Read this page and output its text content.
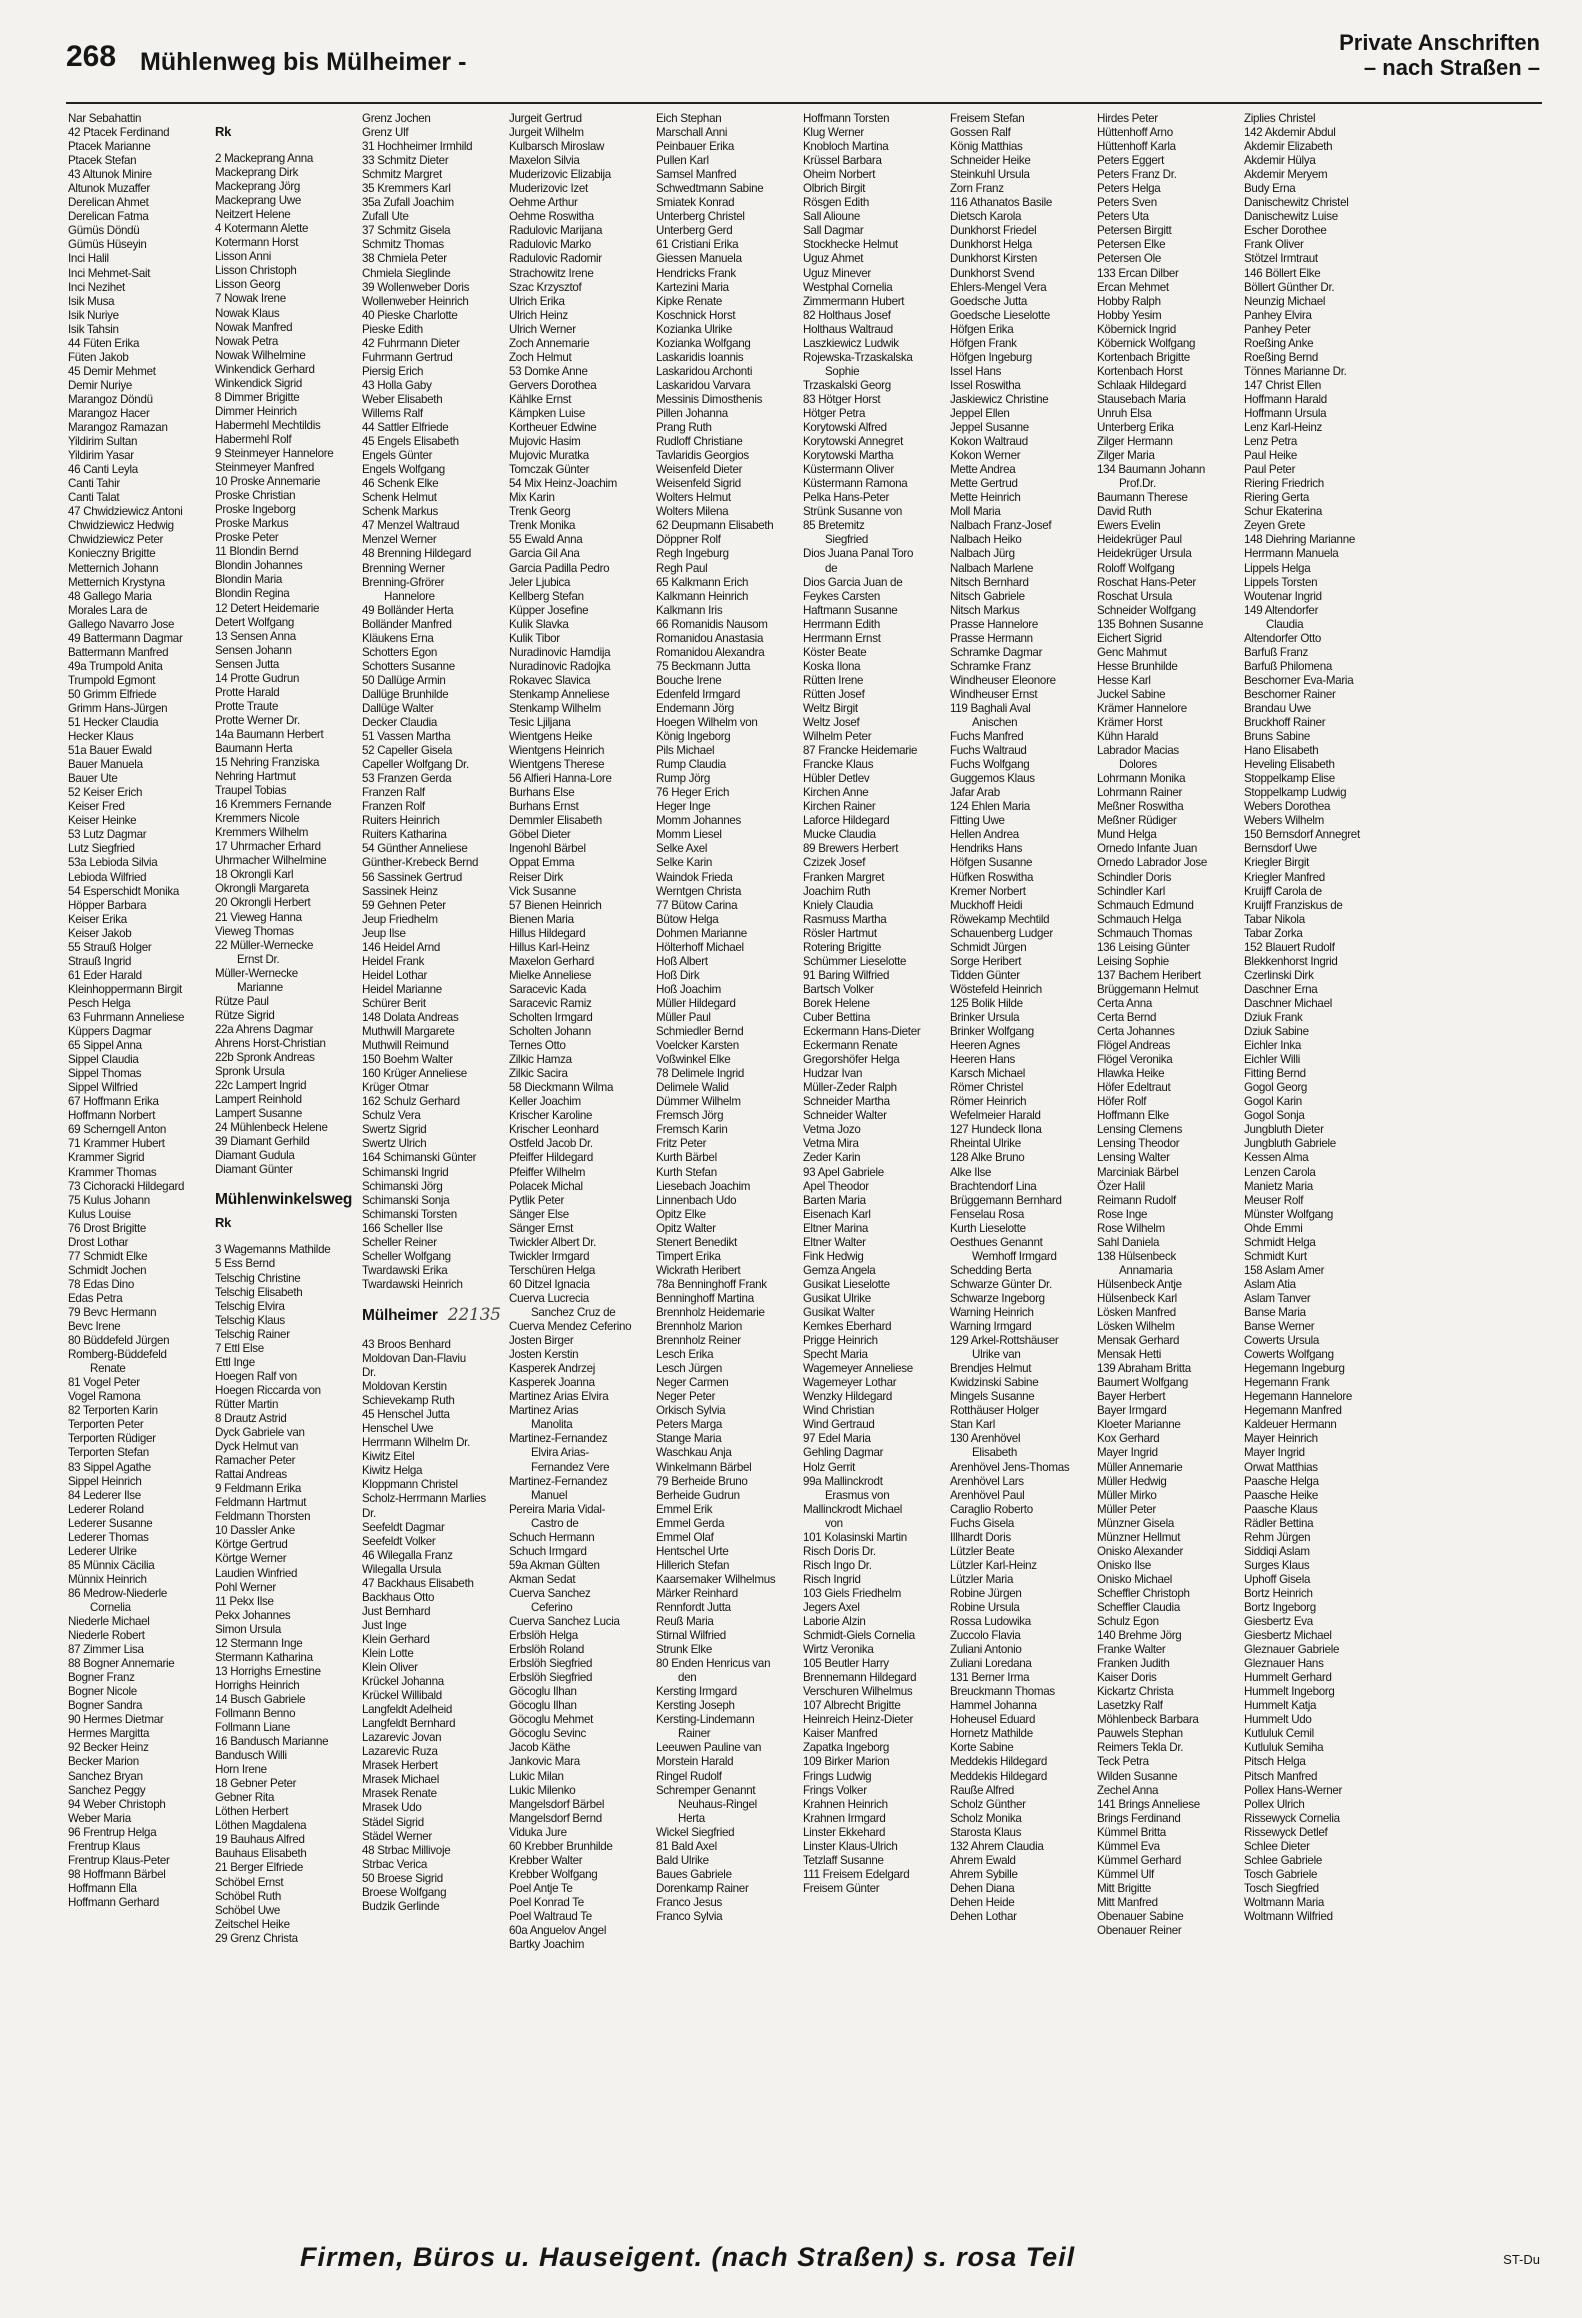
268 Mühlenweg bis Mülheimer -
Private Anschriften
– nach Straßen –
Nar Sebahattin
42 Ptacek Ferdinand
Ptacek Marianne
Ptacek Stefan
43 Altunok Minire
Altunok Muzaffer
Derelican Ahmet
Derelican Fatma
Gümüs Döndü
Gümüs Hüseyin
Inci Halil
Inci Mehmet-Sait
Inci Nezihet
Isik Musa
Isik Nuriye
Isik Tahsin
44 Füten Erika
Füten Jakob
45 Demir Mehmet
Demir Nuriye
Marangoz Döndü
Marangoz Hacer
Marangoz Ramazan
Yildirim Sultan
Yildirim Yasar
46 Canti Leyla
Canti Tahir
Canti Talat
47 Chwidziewicz Antoni
Chwidziewicz Hedwig
Chwidziewicz Peter
Konieczny Brigitte
Metternich Johann
Metternich Krystyna
48 Gallego Maria
Morales Lara de
Gallego Navarro Jose
49 Battermann Dagmar
Battermann Manfred
49a Trumpold Anita
Trumpold Egmont
50 Grimm Elfriede
Grimm Hans-Jürgen
51 Hecker Claudia
Hecker Klaus
51a Bauer Ewald
Bauer Manuela
Bauer Ute
52 Keiser Erich
Keiser Fred
Keiser Heinke
53 Lutz Dagmar
Lutz Siegfried
53a Lebioda Silvia
Lebioda Wilfried
54 Esperschidt Monika
Höpper Barbara
Keiser Erika
Keiser Jakob
55 Strauß Holger
Strauß Ingrid
61 Eder Harald
Kleinhoppermann Birgit
Pesch Helga
63 Fuhrmann Anneliese
Küppers Dagmar
65 Sippel Anna
Sippel Claudia
Sippel Thomas
Sippel Wilfried
67 Hoffmann Erika
Hoffmann Norbert
69 Scherngell Anton
71 Krammer Hubert
Krammer Sigrid
Krammer Thomas
73 Cichoracki Hildegard
75 Kulus Johann
Kulus Louise
76 Drost Brigitte
Drost Lothar
77 Schmidt Elke
Schmidt Jochen
78 Edas Dino
Edas Petra
79 Bevc Hermann
Bevc Irene
80 Büddefeld Jürgen
Romberg-Büddefeld
Renate
81 Vogel Peter
Vogel Ramona
82 Terporten Karin
Terporten Peter
Terporten Rüdiger
Terporten Stefan
83 Sippel Agathe
Sippel Heinrich
84 Lederer Ilse
Lederer Roland
Lederer Susanne
Lederer Thomas
Lederer Ulrike
85 Münnix Cäcilia
Münnix Heinrich
86 Medrow-Niederle
Cornelia
Niederle Michael
Niederle Robert
87 Zimmer Lisa
88 Bogner Annemarie
Bogner Franz
Bogner Nicole
Bogner Sandra
90 Hermes Dietmar
Hermes Margitta
92 Becker Heinz
Becker Marion
Sanchez Bryan
Sanchez Peggy
94 Weber Christoph
Weber Maria
96 Frentrup Helga
Frentrup Klaus
Frentrup Klaus-Peter
98 Hoffmann Bärbel
Hoffmann Ella
Hoffmann Gerhard
Rk
2 Mackeprang Anna
Mackeprang Dirk
Mackeprang Jörg
Mackeprang Uwe
Neitzert Helene
4 Kotermann Alette
Kotermann Horst
Lisson Anni
Lisson Christoph
Lisson Georg
7 Nowak Irene
Nowak Klaus
Nowak Manfred
Nowak Petra
Nowak Wilhelmine
Winkendick Gerhard
Winkendick Sigrid
8 Dimmer Brigitte
Dimmer Heinrich
Habermehl Mechtildis
Habermehl Rolf
9 Steinmeyer Hannelore
Steinmeyer Manfred
10 Proske Annemarie
Proske Christian
Proske Ingeborg
Proske Markus
Proske Peter
11 Blondin Bernd
Blondin Johannes
Blondin Maria
Blondin Regina
12 Detert Heidemarie
Detert Wolfgang
13 Sensen Anna
Sensen Johann
Sensen Jutta
14 Protte Gudrun
Protte Harald
Protte Traute
Protte Werner Dr.
14a Baumann Herbert
Baumann Herta
15 Nehring Franziska
Nehring Hartmut
Traupel Tobias
16 Kremmers Fernande
Kremmers Nicole
Kremmers Wilhelm
17 Uhrmacher Erhard
Uhrmacher Wilhelmine
18 Okrongli Karl
Okrongli Margareta
20 Okrongli Herbert
21 Vieweg Hanna
Vieweg Thomas
22 Müller-Wernecke
Ernst Dr.
Müller-Wernecke
Marianne
Rütze Paul
Rütze Sigrid
22a Ahrens Dagmar
Ahrens Horst-Christian
22b Spronk Andreas
Spronk Ursula
22c Lampert Ingrid
Lampert Reinhold
Lampert Susanne
24 Mühlenbeck Helene
39 Diamant Gerhild
Diamant Gudula
Diamant Günter
Mühlenwinkelsweg
Rk
3 Wagemanns Mathilde
5 Ess Bernd
Telschig Christine
Telschig Elisabeth
Telschig Elvira
Telschig Klaus
Telschig Rainer
7 Ettl Else
Ettl Inge
Hoegen Ralf von
Hoegen Riccarda von
Rütter Martin
8 Drautz Astrid
Dyck Gabriele van
Dyck Helmut van
Ramacher Peter
Rattai Andreas
9 Feldmann Erika
Feldmann Hartmut
Feldmann Thorsten
10 Dassler Anke
Körtge Gertrud
Körtge Werner
Laudien Winfried
Pohl Werner
11 Pekx Ilse
Pekx Johannes
Simon Ursula
12 Stermann Inge
Stermann Katharina
13 Horrighs Ernestine
Horrighs Heinrich
14 Busch Gabriele
Follmann Benno
Follmann Liane
16 Bandusch Marianne
Bandusch Willi
Horn Irene
18 Gebner Peter
Gebner Rita
Löthen Herbert
Löthen Magdalena
19 Bauhaus Alfred
Bauhaus Elisabeth
21 Berger Elfriede
Schöbel Ernst
Schöbel Ruth
Schöbel Uwe
Zeitschel Heike
29 Grenz Christa
Grenz Jochen
Grenz Ulf
31 Hochheimer Irmhild
33 Schmitz Dieter
Schmitz Margret
35 Kremmers Karl
35a Zufall Joachim
Zufall Ute
37 Schmitz Gisela
Schmitz Thomas
38 Chmiela Peter
Chmiela Sieglinde
39 Wollenweber Doris
Wollenweber Heinrich
40 Pieske Charlotte
Pieske Edith
42 Fuhrmann Dieter
Fuhrmann Gertrud
Piersig Erich
43 Holla Gaby
Weber Elisabeth
Willems Ralf
44 Sattler Elfriede
45 Engels Elisabeth
Engels Günter
Engels Wolfgang
46 Schenk Elke
Schenk Helmut
Schenk Markus
47 Menzel Waltraud
Menzel Werner
48 Brenning Hildegard
Brenning Werner
Brenning-Gfrörer
Hannelore
49 Bolländer Herta
Bolländer Manfred
Kläukens Erna
Schotters Egon
Schotters Susanne
50 Dallüge Armin
Dallüge Brunhilde
Dallüge Walter
Decker Claudia
51 Vassen Martha
52 Capeller Gisela
Capeller Wolfgang Dr.
53 Franzen Gerda
Franzen Ralf
Franzen Rolf
Ruiters Heinrich
Ruiters Katharina
54 Günther Anneliese
Günther-Krebeck Bernd
56 Sassinek Gertrud
Sassinek Heinz
59 Gehnen Peter
Jeup Friedhelm
Jeup Ilse
146 Heidel Arnd
Heidel Frank
Heidel Lothar
Heidel Marianne
Schürer Berit
148 Dolata Andreas
Muthwill Margarete
Muthwill Reimund
150 Boehm Walter
160 Krüger Anneliese
Krüger Otmar
162 Schulz Gerhard
Schulz Vera
Swertz Sigrid
Swertz Ulrich
164 Schimanski Günter
Schimanski Ingrid
Schimanski Jörg
Schimanski Sonja
Schimanski Torsten
166 Scheller Ilse
Scheller Reiner
Scheller Wolfgang
Twardawski Erika
Twardawski Heinrich
Mülheimer 22135
43 Broos Benhard
Moldovan Dan-Flaviu
Dr.
Moldovan Kerstin
Schievekamp Ruth
45 Henschel Jutta
Henschel Uwe
Herrmann Wilhelm Dr.
Kiwitz Eitel
Kiwitz Helga
Kloppmann Christel
Scholz-Herrmann Marlies
Dr.
Seefeldt Dagmar
Seefeldt Volker
46 Wilegalla Franz
Wilegalla Ursula
47 Backhaus Elisabeth
Backhaus Otto
Just Bernhard
Just Inge
Klein Gerhard
Klein Lotte
Klein Oliver
Krückel Johanna
Krückel Willibald
Langfeldt Adelheid
Langfeldt Bernhard
Lazarevic Jovan
Lazarevic Ruza
Mrasek Herbert
Mrasek Michael
Mrasek Renate
Mrasek Udo
Städel Sigrid
Städel Werner
48 Strbac Millivoje
Strbac Verica
50 Broese Sigrid
Broese Wolfgang
Budzik Gerlinde
Jurgeit Gertrud
Jurgeit Wilhelm
Kulbarsch Miroslaw
Maxelon Silvia
Muderizovic Elizabija
Muderizovic Izet
Oehme Arthur
Oehme Roswitha
Radulovic Marijana
Radulovic Marko
Radulovic Radomir
Strachowitz Irene
Szac Krzysztof
Ulrich Erika
Ulrich Heinz
Ulrich Werner
Zoch Annemarie
Zoch Helmut
53 Domke Anne
Gervers Dorothea
Kählke Ernst
Kämpken Luise
Kortheuer Edwine
Mujovic Hasim
Mujovic Muratka
Tomczak Günter
54 Mix Heinz-Joachim
Mix Karin
Trenk Georg
Trenk Monika
55 Ewald Anna
Garcia Gil Ana
Garcia Padilla Pedro
Jeler Ljubica
Kellberg Stefan
Küpper Josefine
Kulik Slavka
Kulik Tibor
Nuradinovic Hamdija
Nuradinovic Radojka
Rokavec Slavica
Stenkamp Anneliese
Stenkamp Wilhelm
Tesic Ljiljana
Wientgens Heike
Wientgens Heinrich
Wientgens Therese
56 Alfieri Hanna-Lore
Burhans Else
Burhans Ernst
Demmler Elisabeth
Göbel Dieter
Ingenohl Bärbel
Oppat Emma
Reiser Dirk
Vick Susanne
57 Bienen Heinrich
Bienen Maria
Hillus Hildegard
Hillus Karl-Heinz
Maxelon Gerhard
Mielke Anneliese
Saracevic Kada
Saracevic Ramiz
Scholten Irmgard
Scholten Johann
Ternes Otto
Zilkic Hamza
Zilkic Sacira
58 Dieckmann Wilma
Keller Joachim
Krischer Karoline
Krischer Leonhard
Ostfeld Jacob Dr.
Pfeiffer Hildegard
Pfeiffer Wilhelm
Polacek Michal
Pytlik Peter
Sänger Else
Sänger Ernst
Twickler Albert Dr.
Twickler Irmgard
Terschüren Helga
60 Ditzel Ignacia
Cuerva Lucrecia
Sanchez Cruz de
Cuerva Mendez Ceferino
Josten Birger
Josten Kerstin
Kasperek Andrzej
Kasperek Joanna
Martinez Arias Elvira
Martinez Arias
Manolita
Martinez-Fernandez
Elvira Arias-
Fernandez Vere
Martinez-Fernandez
Manuel
Pereira Maria Vidal-
Castro de
Schuch Hermann
Schuch Irmgard
59a Akman Gülten
Akman Sedat
Cuerva Sanchez
Ceferino
Cuerva Sanchez Lucia
Erbslöh Helga
Erbslöh Roland
Erbslöh Siegfried
Erbslöh Siegfried
Göcoglu Ilhan
Göcoglu Ilhan
Göcoglu Mehmet
Göcoglu Sevinc
Jacob Käthe
Jankovic Mara
Lukic Milan
Lukic Milenko
Mangelsdorf Bärbel
Mangelsdorf Bernd
Viduka Jure
60 Krebber Brunhilde
Krebber Walter
Krebber Wolfgang
Poel Antje Te
Poel Konrad Te
Poel Waltraud Te
60a Anguelov Angel
Bartky Joachim
Eich Stephan
Marschall Anni
Peinbauer Erika
Pullen Karl
Samsel Manfred
Schwedtmann Sabine
Smiatek Konrad
Unterberg Christel
Unterberg Gerd
61 Cristiani Erika
Giessen Manuela
Hendricks Frank
Kartezini Maria
Kipke Renate
Koschnick Horst
Kozianka Ulrike
Kozianka Wolfgang
Laskaridis Ioannis
Laskaridou Archonti
Laskaridou Varvara
Messinis Dimosthenis
Pillen Johanna
Prang Ruth
Rudloff Christiane
Tavlaridis Georgios
Weisenfeld Dieter
Weisenfeld Sigrid
Wolters Helmut
Wolters Milena
62 Deupmann Elisabeth
Döppner Rolf
Regh Ingeburg
Regh Paul
65 Kalkmann Erich
Kalkmann Heinrich
Kalkmann Iris
66 Romanidis Nausom
Romanidou Anastasia
Romanidou Alexandra
75 Beckmann Jutta
Bouche Irene
Edenfeld Irmgard
Endemann Jörg
Hoegen Wilhelm von
König Ingeborg
Pils Michael
Rump Claudia
Rump Jörg
76 Heger Erich
Heger Inge
Momm Johannes
Momm Liesel
Selke Axel
Selke Karin
Waindok Frieda
Werntgen Christa
77 Bütow Carina
Bütow Helga
Dohmen Marianne
Hölterhoff Michael
Hoß Albert
Hoß Dirk
Hoß Joachim
Müller Hildegard
Müller Paul
Schmiedler Bernd
Voelcker Karsten
Voßwinkel Elke
78 Delimele Ingrid
Delimele Walid
Dümmer Wilhelm
Fremsch Jörg
Fremsch Karin
Fritz Peter
Kurth Bärbel
Kurth Stefan
Liesebach Joachim
Linnenbach Udo
Opitz Elke
Opitz Walter
Stenert Benedikt
Timpert Erika
Wickrath Heribert
78a Benninghoff Frank
Benninghoff Martina
Brennholz Heidemarie
Brennholz Marion
Brennholz Reiner
Lesch Erika
Lesch Jürgen
Neger Carmen
Neger Peter
Orkisch Sylvia
Peters Marga
Stange Maria
Waschkau Anja
Winkelmann Bärbel
79 Berheide Bruno
Berheide Gudrun
Emmel Erik
Emmel Gerda
Emmel Olaf
Hentschel Urte
Hillerich Stefan
Kaarsemaker Wilhelmus
Märker Reinhard
Rennfordt Jutta
Reuß Maria
Stirnal Wilfried
Strunk Elke
80 Enden Henricus van
den
Kersting Irmgard
Kersting Joseph
Kersting-Lindemann
Rainer
Leeuwen Pauline van
Morstein Harald
Ringel Rudolf
Schremper Genannt
Neuhaus-Ringel
Herta
Wickel Siegfried
81 Bald Axel
Bald Ulrike
Baues Gabriele
Dorenkamp Rainer
Franco Jesus
Franco Sylvia
Hoffmann Torsten
Klug Werner
Knobloch Martina
Krüssel Barbara
Oheim Norbert
Olbrich Birgit
Rösgen Edith
Sall Alioune
Sall Dagmar
Stockhecke Helmut
Uguz Ahmet
Uguz Minever
Westphal Cornelia
Zimmermann Hubert
82 Holthaus Josef
Holthaus Waltraud
Laszkiewicz Ludwik
Rojewska-Trzaskalska
Sophie
Trzaskalski Georg
83 Hötger Horst
Hötger Petra
Korytowski Alfred
Korytowski Annegret
Korytowski Martha
Küstermann Oliver
Küstermann Ramona
Pelka Hans-Peter
Strünk Susanne von
85 Bretemitz
Siegfried
Dios Juana Panal Toro
de
Dios Garcia Juan de
Feykes Carsten
Haftmann Susanne
Herrmann Edith
Herrmann Ernst
Köster Beate
Koska Ilona
Rütten Irene
Rütten Josef
Weltz Birgit
Weltz Josef
Wilhelm Peter
87 Francke Heidemarie
Francke Klaus
Hübler Detlev
Kirchen Anne
Kirchen Rainer
Laforce Hildegard
Mucke Claudia
89 Brewers Herbert
Czizek Josef
Franken Margret
Joachim Ruth
Kniely Claudia
Rasmuss Martha
Rösler Hartmut
Rotering Brigitte
Schümmer Lieselotte
91 Baring Wilfried
Bartsch Volker
Borek Helene
Cuber Bettina
Eckermann Hans-Dieter
Eckermann Renate
Gregorshöfer Helga
Hudzar Ivan
Müller-Zeder Ralph
Schneider Martha
Schneider Walter
Vetma Jozo
Vetma Mira
Zeder Karin
93 Apel Gabriele
Apel Theodor
Barten Maria
Eisenach Karl
Eltner Marina
Eltner Walter
Fink Hedwig
Gemza Angela
Gusikat Lieselotte
Gusikat Ulrike
Gusikat Walter
Kemkes Eberhard
Prigge Heinrich
Specht Maria
Wagemeyer Anneliese
Wagemeyer Lothar
Wenzky Hildegard
Wind Christian
Wind Gertraud
97 Edel Maria
Gehling Dagmar
Holz Gerrit
99a Mallinckrodt
Erasmus von
Mallinckrodt Michael
von
101 Kolasinski Martin
Risch Doris Dr.
Risch Ingo Dr.
Risch Ingrid
103 Giels Friedhelm
Jegers Axel
Laborie Alzin
Schmidt-Giels Cornelia
Wirtz Veronika
105 Beutler Harry
Brennemann Hildegard
Verschuren Wilhelmus
107 Albrecht Brigitte
Heinreich Heinz-Dieter
Kaiser Manfred
Zapatka Ingeborg
109 Birker Marion
Frings Ludwig
Frings Volker
Krahnen Heinrich
Krahnen Irmgard
Linster Ekkehard
Linster Klaus-Ulrich
Tetzlaff Susanne
111 Freisem Edelgard
Freisem Günter
Freisem Stefan
Gossen Ralf
König Matthias
Schneider Heike
Steinkuhl Ursula
Zorn Franz
116 Athanatos Basile
Dietsch Karola
Dunkhorst Friedel
Dunkhorst Helga
Dunkhorst Kirsten
Dunkhorst Svend
Ehlers-Mengel Vera
Goedsche Jutta
Goedsche Lieselotte
Höfgen Erika
Höfgen Frank
Höfgen Ingeburg
Issel Hans
Issel Roswitha
Jaskiewicz Christine
Jeppel Ellen
Jeppel Susanne
Kokon Waltraud
Kokon Werner
Mette Andrea
Mette Gertrud
Mette Heinrich
Moll Maria
Nalbach Franz-Josef
Nalbach Heiko
Nalbach Jürg
Nalbach Marlene
Nitsch Bernhard
Nitsch Gabriele
Nitsch Markus
Prasse Hannelore
Prasse Hermann
Schramke Dagmar
Schramke Franz
Windheuser Eleonore
Windheuser Ernst
119 Baghali Aval
Anischen
Fuchs Manfred
Fuchs Waltraud
Fuchs Wolfgang
Guggemos Klaus
Jafar Arab
124 Ehlen Maria
Fitting Uwe
Hellen Andrea
Hendriks Hans
Höfgen Susanne
Hüfken Roswitha
Kremer Norbert
Muckhoff Heidi
Röwekamp Mechtild
Schauenberg Ludger
Schmidt Jürgen
Sorge Heribert
Tidden Günter
Wöstefeld Heinrich
125 Bolik Hilde
Brinker Ursula
Brinker Wolfgang
Heeren Agnes
Heeren Hans
Karsch Michael
Römer Christel
Römer Heinrich
Wefelmeier Harald
127 Hundeck Ilona
Rheintal Ulrike
128 Alke Bruno
Alke Ilse
Brachtendorf Lina
Brüggemann Bernhard
Fenselau Rosa
Kurth Lieselotte
Oesthues Genannt
Wemhoff Irmgard
Schedding Berta
Schwarze Günter Dr.
Schwarze Ingeborg
Warning Heinrich
Warning Irmgard
129 Arkel-Rottshäuser
Ulrike van
Brendjes Helmut
Kwidzinski Sabine
Mingels Susanne
Rotthäuser Holger
Stan Karl
130 Arenhövel
Elisabeth
Arenhövel Jens-Thomas
Arenhövel Lars
Arenhövel Paul
Caraglio Roberto
Fuchs Gisela
Illhardt Doris
Lützler Beate
Lützler Karl-Heinz
Lützler Maria
Robine Jürgen
Robine Ursula
Rossa Ludowika
Zuccolo Flavia
Zuliani Antonio
Zuliani Loredana
131 Berner Irma
Breuckmann Thomas
Hammel Johanna
Hoheusel Eduard
Hornetz Mathilde
Korte Sabine
Meddekis Hildegard
Meddekis Hildegard
Rauße Alfred
Scholz Günther
Scholz Monika
Starosta Klaus
132 Ahrem Claudia
Ahrem Ewald
Ahrem Sybille
Dehen Diana
Dehen Heide
Dehen Lothar
Hirdes Peter
Hüttenhoff Arno
Hüttenhoff Karla
Peters Eggert
Peters Franz Dr.
Peters Helga
Peters Sven
Peters Uta
Petersen Birgitt
Petersen Elke
Petersen Ole
133 Ercan Dilber
Ercan Mehmet
Hobby Ralph
Hobby Yesim
Köbernick Ingrid
Köbernick Wolfgang
Kortenbach Brigitte
Kortenbach Horst
Schlaak Hildegard
Stausebach Maria
Unruh Elsa
Unterberg Erika
Zilger Hermann
Zilger Maria
134 Baumann Johann
Prof.Dr.
Baumann Therese
David Ruth
Ewers Evelin
Heidekrüger Paul
Heidekrüger Ursula
Roloff Wolfgang
Roschat Hans-Peter
Roschat Ursula
Schneider Wolfgang
135 Bohnen Susanne
Eichert Sigrid
Genc Mahmut
Hesse Brunhilde
Hesse Karl
Juckel Sabine
Krämer Hannelore
Krämer Horst
Kühn Harald
Labrador Macias
Dolores
Lohrmann Monika
Lohrmann Rainer
Meßner Roswitha
Meßner Rüdiger
Mund Helga
Ornedo Infante Juan
Ornedo Labrador Jose
Schindler Doris
Schindler Karl
Schmauch Edmund
Schmauch Helga
Schmauch Thomas
136 Leising Günter
Leising Sophie
137 Bachem Heribert
Brüggemann Helmut
Certa Anna
Certa Bernd
Certa Johannes
Flögel Andreas
Flögel Veronika
Hlawka Heike
Höfer Edeltraut
Höfer Rolf
Hoffmann Elke
Lensing Clemens
Lensing Theodor
Lensing Walter
Marciniak Bärbel
Özer Halil
Reimann Rudolf
Rose Inge
Rose Wilhelm
Sahl Daniela
138 Hülsenbeck
Annamaria
Hülsenbeck Antje
Hülsenbeck Karl
Lösken Manfred
Lösken Wilhelm
Mensak Gerhard
Mensak Hetti
139 Abraham Britta
Baumert Wolfgang
Bayer Herbert
Bayer Irmgard
Kloeter Marianne
Kox Gerhard
Mayer Ingrid
Müller Annemarie
Müller Hedwig
Müller Mirko
Müller Peter
Münzner Gisela
Münzner Hellmut
Onisko Alexander
Onisko Ilse
Onisko Michael
Scheffler Christoph
Scheffler Claudia
Schulz Egon
140 Brehme Jörg
Franke Walter
Franken Judith
Kaiser Doris
Kickartz Christa
Lasetzky Ralf
Möhlenbeck Barbara
Pauwels Stephan
Reimers Tekla Dr.
Teck Petra
Wilden Susanne
Zechel Anna
141 Brings Anneliese
Brings Ferdinand
Kümmel Britta
Kümmel Eva
Kümmel Gerhard
Kümmel Ulf
Mitt Brigitte
Mitt Manfred
Obenauer Sabine
Obenauer Reiner
Ziplies Christel
142 Akdemir Abdul
Akdemir Elizabeth
Akdemir Hülya
Akdemir Meryem
Budy Erna
Danischewitz Christel
Danischewitz Luise
Escher Dorothee
Frank Oliver
Stötzel Irmtraut
146 Böllert Elke
Böllert Günther Dr.
Neunzig Michael
Panhey Elvira
Panhey Peter
Roeßing Anke
Roeßing Bernd
Tönnes Marianne Dr.
147 Christ Ellen
Hoffmann Harald
Hoffmann Ursula
Lenz Karl-Heinz
Lenz Petra
Paul Heike
Paul Peter
Riering Friedrich
Riering Gerta
Schur Ekaterina
Zeyen Grete
148 Diehring Marianne
Herrmann Manuela
Lippels Helga
Lippels Torsten
Woutenar Ingrid
149 Altendorfer
Claudia
Altendorfer Otto
Barfuß Franz
Barfuß Philomena
Beschorner Eva-Maria
Beschorner Rainer
Brandau Uwe
Bruckhoff Rainer
Bruns Sabine
Hano Elisabeth
Heveling Elisabeth
Stoppelkamp Elise
Stoppelkamp Ludwig
Webers Dorothea
Webers Wilhelm
150 Bernsdorf Annegret
Bernsdorf Uwe
Kriegler Birgit
Kriegler Manfred
Kruijff Carola de
Kruijff Franziskus de
Tabar Nikola
Tabar Zorka
152 Blauert Rudolf
Blekkenhorst Ingrid
Czerlinski Dirk
Daschner Erna
Daschner Michael
Dziuk Frank
Dziuk Sabine
Eichler Inka
Eichler Willi
Fitting Bernd
Gogol Georg
Gogol Karin
Gogol Sonja
Jungbluth Dieter
Jungbluth Gabriele
Kessen Alma
Lenzen Carola
Manietz Maria
Meuser Rolf
Münster Wolfgang
Ohde Emmi
Schmidt Helga
Schmidt Kurt
158 Aslam Amer
Aslam Atia
Aslam Tanver
Banse Maria
Banse Werner
Cowerts Ursula
Cowerts Wolfgang
Hegemann Ingeburg
Hegemann Frank
Hegemann Hannelore
Hegemann Manfred
Kaldeuer Hermann
Mayer Heinrich
Mayer Ingrid
Orwat Matthias
Paasche Helga
Paasche Heike
Paasche Klaus
Rädler Bettina
Rehm Jürgen
Siddiqi Aslam
Surges Klaus
Uphoff Gisela
Bortz Heinrich
Bortz Ingeborg
Giesbertz Eva
Giesbertz Michael
Gleznauer Gabriele
Gleznauer Hans
Hummelt Gerhard
Hummelt Ingeborg
Hummelt Katja
Hummelt Udo
Kutluluk Cemil
Kutluluk Semiha
Pitsch Helga
Pitsch Manfred
Pollex Hans-Werner
Pollex Ulrich
Rissewyck Cornelia
Rissewyck Detlef
Schlee Dieter
Schlee Gabriele
Tosch Gabriele
Tosch Siegfried
Woltmann Maria
Woltmann Wilfried
Firmen, Büros u. Hauseigent. (nach Straßen) s. rosa Teil	ST-Du
